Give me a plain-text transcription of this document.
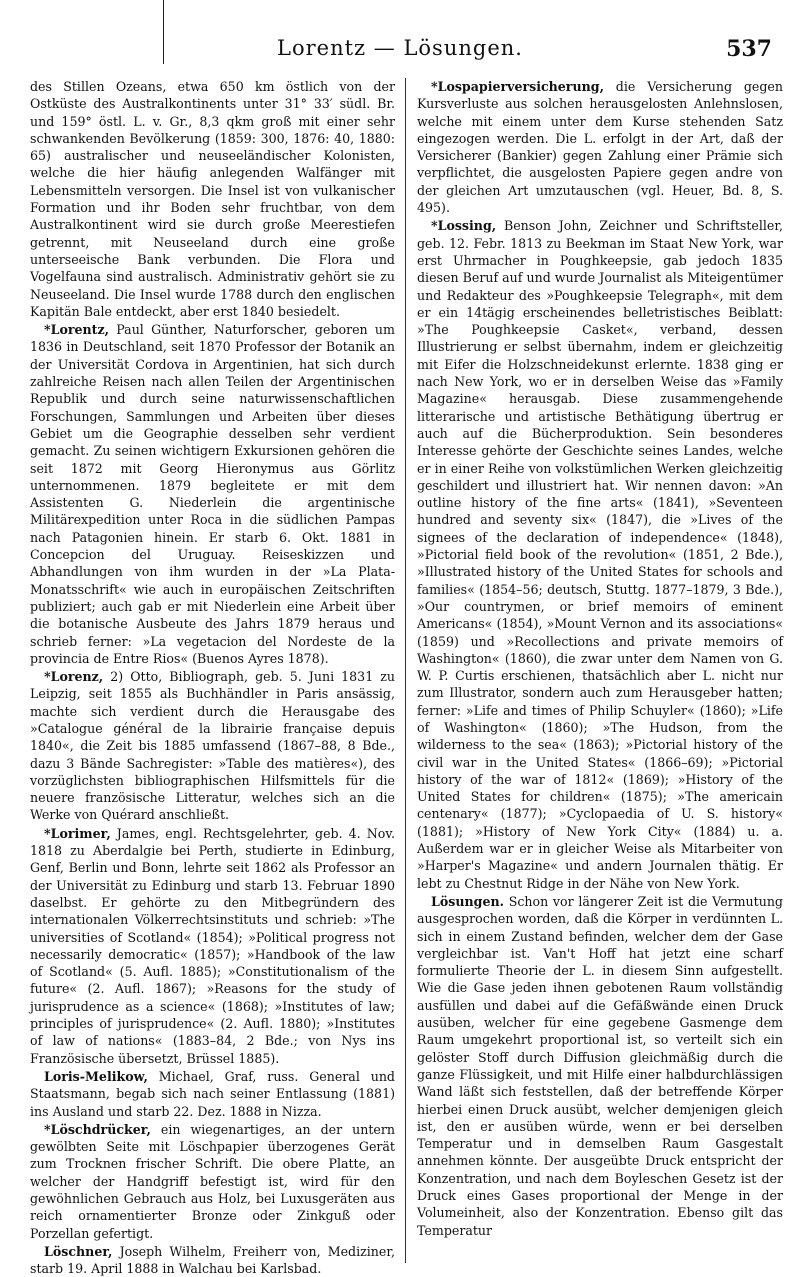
Lorentz — Lösungen.	537

des Stillen Ozeans, etwa 650 km östlich von der Ostküste des Australkontinents unter 31° 33′ südl. Br. und 159° östl. L. v. Gr., 8,3 qkm groß mit einer sehr schwankenden Bevölkerung (1859: 300, 1876: 40, 1880: 65) australischer und neuseeländischer Kolonisten, welche die hier häufig anlegenden Walfänger mit Lebensmitteln versorgen. Die Insel ist von vulkanischer Formation und ihr Boden sehr fruchtbar, von dem Australkontinent wird sie durch große Meerestiefen getrennt, mit Neuseeland durch eine große unterseeische Bank verbunden. Die Flora und Vogelfauna sind australisch. Administrativ gehört sie zu Neuseeland. Die Insel wurde 1788 durch den englischen Kapitän Bale entdeckt, aber erst 1840 besiedelt.

*Lorentz, Paul Günther, Naturforscher, geboren um 1836 in Deutschland, seit 1870 Professor der Botanik an der Universität Cordova in Argentinien, hat sich durch zahlreiche Reisen nach allen Teilen der Argentinischen Republik und durch seine naturwissenschaftlichen Forschungen, Sammlungen und Arbeiten über dieses Gebiet um die Geographie desselben sehr verdient gemacht. Zu seinen wichtigern Exkursionen gehören die seit 1872 mit Georg Hieronymus aus Görlitz unternommenen. 1879 begleitete er mit dem Assistenten G. Niederlein die argentinische Militärexpedition unter Roca in die südlichen Pampas nach Patagonien hinein. Er starb 6. Okt. 1881 in Concepcion del Uruguay. Reiseskizzen und Abhandlungen von ihm wurden in der »La Plata-Monatsschrift« wie auch in europäischen Zeitschriften publiziert; auch gab er mit Niederlein eine Arbeit über die botanische Ausbeute des Jahrs 1879 heraus und schrieb ferner: »La vegetacion del Nordeste de la provincia de Entre Rios« (Buenos Ayres 1878).

*Lorenz, 2) Otto, Bibliograph, geb. 5. Juni 1831 zu Leipzig, seit 1855 als Buchhändler in Paris ansässig, machte sich verdient durch die Herausgabe des »Catalogue général de la librairie française depuis 1840«, die Zeit bis 1885 umfassend (1867–88, 8 Bde., dazu 3 Bände Sachregister: »Table des matières«), des vorzüglichsten bibliographischen Hilfsmittels für die neuere französische Litteratur, welches sich an die Werke von Quérard anschließt.

*Lorimer, James, engl. Rechtsgelehrter, geb. 4. Nov. 1818 zu Aberdalgie bei Perth, studierte in Edinburg, Genf, Berlin und Bonn, lehrte seit 1862 als Professor an der Universität zu Edinburg und starb 13. Februar 1890 daselbst. Er gehörte zu den Mitbegründern des internationalen Völkerrechtsinstituts und schrieb: »The universities of Scotland« (1854); »Political progress not necessarily democratic« (1857); »Handbook of the law of Scotland« (5. Aufl. 1885); »Constitutionalism of the future« (2. Aufl. 1867); »Reasons for the study of jurisprudence as a science« (1868); »Institutes of law; principles of jurisprudence« (2. Aufl. 1880); »Institutes of law of nations« (1883–84, 2 Bde.; von Nys ins Französische übersetzt, Brüssel 1885).

Loris-Melikow, Michael, Graf, russ. General und Staatsmann, begab sich nach seiner Entlassung (1881) ins Ausland und starb 22. Dez. 1888 in Nizza.

*Löschdrücker, ein wiegenartiges, an der untern gewölbten Seite mit Löschpapier überzogenes Gerät zum Trocknen frischer Schrift. Die obere Platte, an welcher der Handgriff befestigt ist, wird für den gewöhnlichen Gebrauch aus Holz, bei Luxusgeräten aus reich ornamentierter Bronze oder Zinkguß oder Porzellan gefertigt.

Löschner, Joseph Wilhelm, Freiherr von, Mediziner, starb 19. April 1888 in Walchau bei Karlsbad.

*Lospapierversicherung, die Versicherung gegen Kursverluste aus solchen herausgelosten Anlehnslosen, welche mit einem unter dem Kurse stehenden Satz eingezogen werden. Die L. erfolgt in der Art, daß der Versicherer (Bankier) gegen Zahlung einer Prämie sich verpflichtet, die ausgelosten Papiere gegen andre von der gleichen Art umzutauschen (vgl. Heuer, Bd. 8, S. 495).

*Lossing, Benson John, Zeichner und Schriftsteller, geb. 12. Febr. 1813 zu Beekman im Staat New York, war erst Uhrmacher in Poughkeepsie, gab jedoch 1835 diesen Beruf auf und wurde Journalist als Miteigentümer und Redakteur des »Poughkeepsie Telegraph«, mit dem er ein 14tägig erscheinendes belletristisches Beiblatt: »The Poughkeepsie Casket«, verband, dessen Illustrierung er selbst übernahm, indem er gleichzeitig mit Eifer die Holzschneidekunst erlernte. 1838 ging er nach New York, wo er in derselben Weise das »Family Magazine« herausgab. Diese zusammengehende litterarische und artistische Bethätigung übertrug er auch auf die Bücherproduktion. Sein besonderes Interesse gehörte der Geschichte seines Landes, welche er in einer Reihe von volkstümlichen Werken gleichzeitig geschildert und illustriert hat. Wir nennen davon: »An outline history of the fine arts« (1841), »Seventeen hundred and seventy six« (1847), die »Lives of the signees of the declaration of independence« (1848), »Pictorial field book of the revolution« (1851, 2 Bde.), »Illustrated history of the United States for schools and families« (1854–56; deutsch, Stuttg. 1877–1879, 3 Bde.), »Our countrymen, or brief memoirs of eminent Americans« (1854), »Mount Vernon and its associations« (1859) und »Recollections and private memoirs of Washington« (1860), die zwar unter dem Namen von G. W. P. Curtis erschienen, thatsächlich aber L. nicht nur zum Illustrator, sondern auch zum Herausgeber hatten; ferner: »Life and times of Philip Schuyler« (1860); »Life of Washington« (1860); »The Hudson, from the wilderness to the sea« (1863); »Pictorial history of the civil war in the United States« (1866–69); »Pictorial history of the war of 1812« (1869); »History of the United States for children« (1875); »The americain centenary« (1877); »Cyclopaedia of U. S. history« (1881); »History of New York City« (1884) u. a. Außerdem war er in gleicher Weise als Mitarbeiter von »Harper's Magazine« und andern Journalen thätig. Er lebt zu Chestnut Ridge in der Nähe von New York.

Lösungen. Schon vor längerer Zeit ist die Vermutung ausgesprochen worden, daß die Körper in verdünnten L. sich in einem Zustand befinden, welcher dem der Gase vergleichbar ist. Van't Hoff hat jetzt eine scharf formulierte Theorie der L. in diesem Sinn aufgestellt. Wie die Gase jeden ihnen gebotenen Raum vollständig ausfüllen und dabei auf die Gefäßwände einen Druck ausüben, welcher für eine gegebene Gasmenge dem Raum umgekehrt proportional ist, so verteilt sich ein gelöster Stoff durch Diffusion gleichmäßig durch die ganze Flüssigkeit, und mit Hilfe einer halbdurchlässigen Wand läßt sich feststellen, daß der betreffende Körper hierbei einen Druck ausübt, welcher demjenigen gleich ist, den er ausüben würde, wenn er bei derselben Temperatur und in demselben Raum Gasgestalt annehmen könnte. Der ausgeübte Druck entspricht der Konzentration, und nach dem Boyleschen Gesetz ist der Druck eines Gases proportional der Menge in der Volumeinheit, also der Konzentration. Ebenso gilt das Temperatur
